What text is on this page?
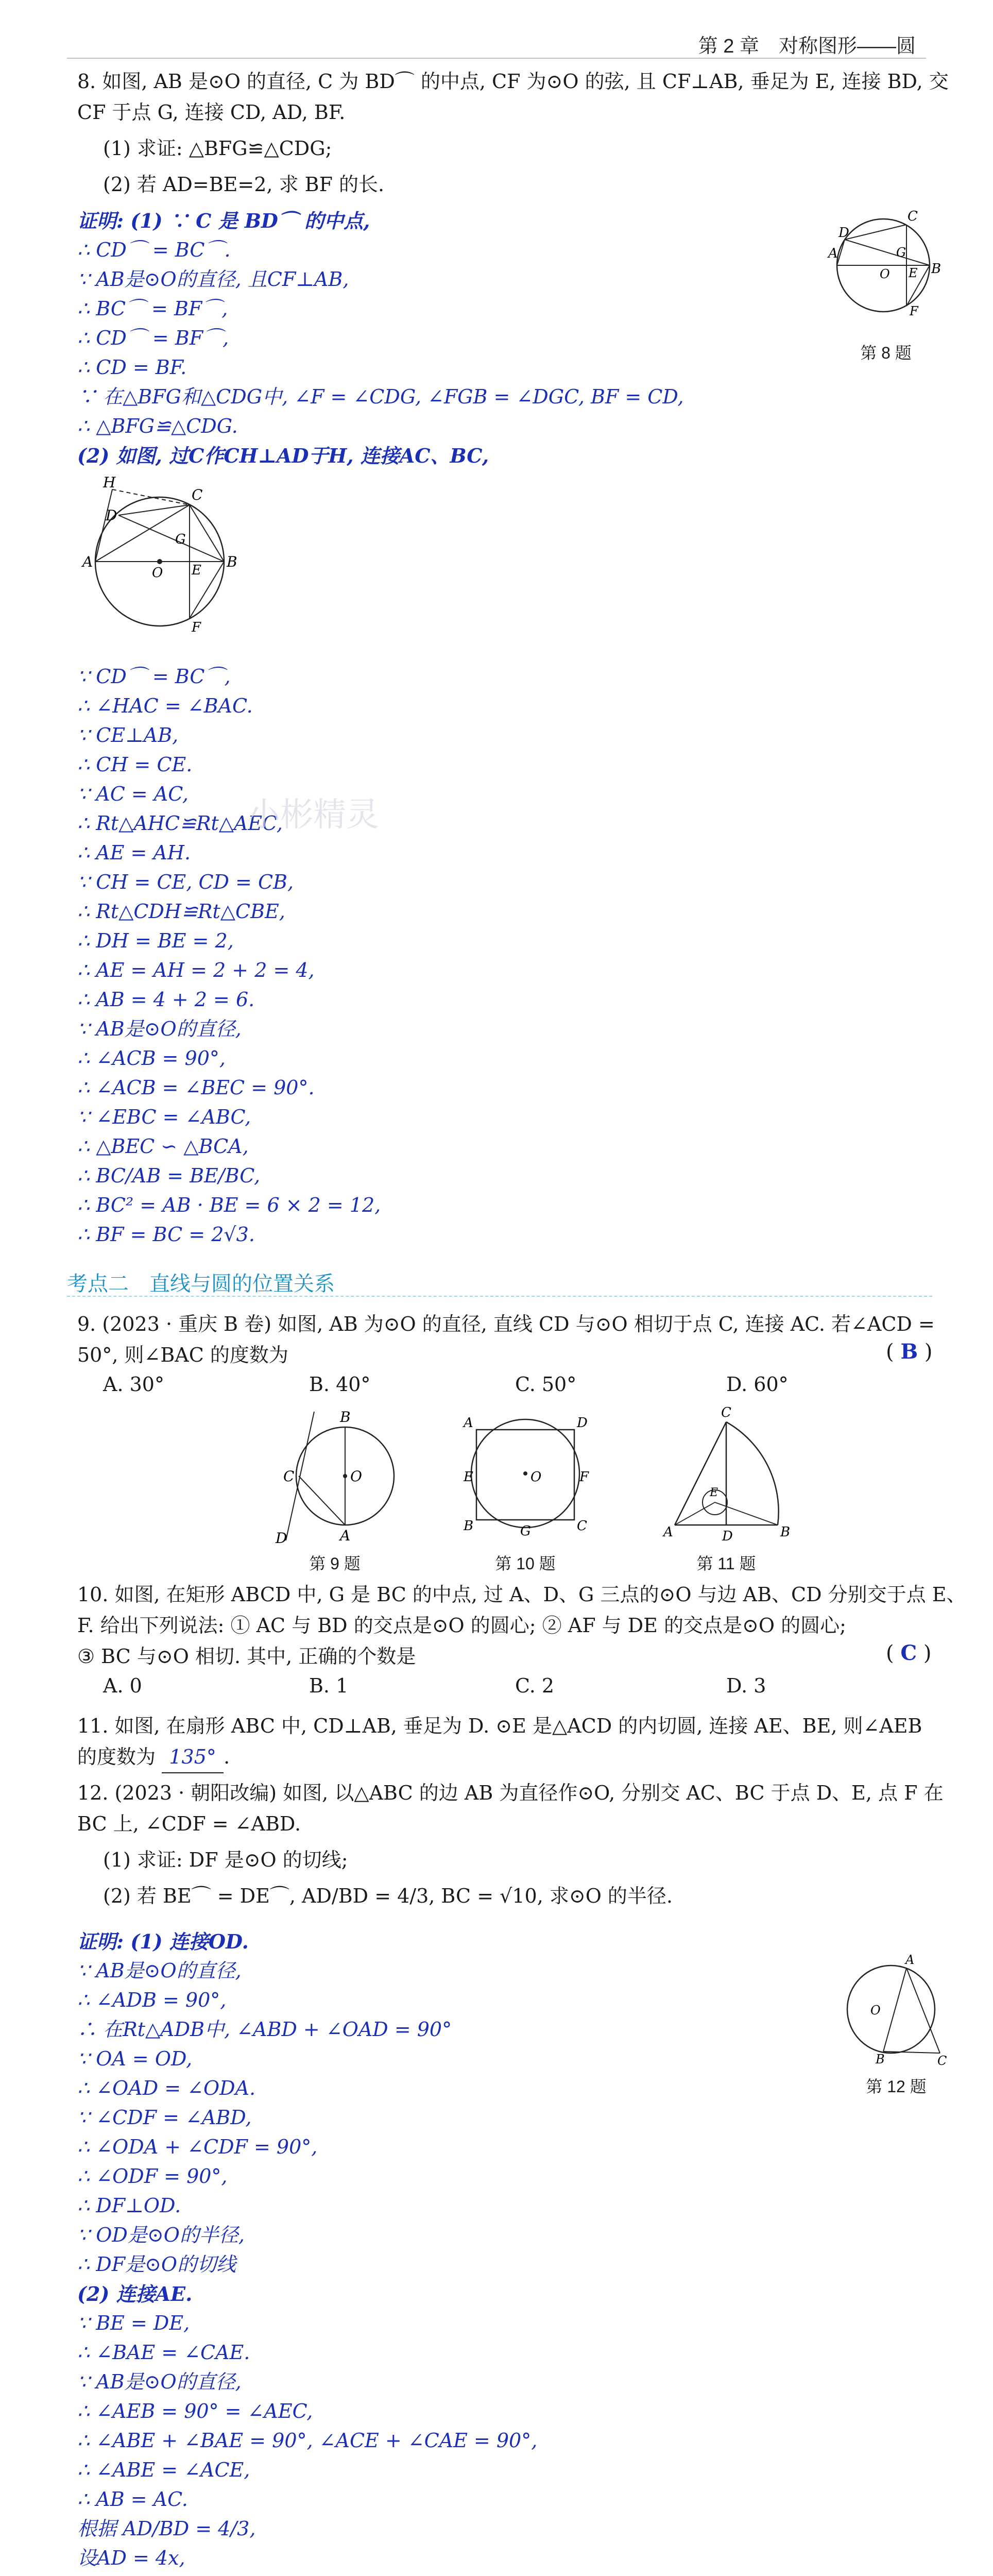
第 2 章　对称图形——圆
8. 如图, AB 是⊙O 的直径, C 为 BD⌒ 的中点, CF 为⊙O 的弦, 且 CF⊥AB, 垂足为 E, 连接 BD, 交
CF 于点 G, 连接 CD, AD, BF.
(1) 求证: △BFG≌△CDG;
(2) 若 AD=BE=2, 求 BF 的长.
A
B
C
D
E
F
G
O
第 8 题
证明: (1) ∵ C 是 BD⌒ 的中点,
∴ CD⌒ = BC⌒.
∵ AB是⊙O的直径, 且CF⊥AB,
∴ BC⌒ = BF⌒,
∴ CD⌒ = BF⌒,
∴ CD = BF.
∵ 在△BFG和△CDG中, ∠F = ∠CDG, ∠FGB = ∠DGC, BF = CD,
∴ △BFG≌△CDG.
(2) 如图, 过C作CH⊥AD于H, 连接AC、BC,
A	B
C
D
H
E
F
G
O
∵ CD⌒ = BC⌒,
∴ ∠HAC = ∠BAC.
∵ CE⊥AB,
∴ CH = CE.
∵ AC = AC,
∴ Rt△AHC≌Rt△AEC,
∴ AE = AH.
∵ CH = CE, CD = CB,
∴ Rt△CDH≌Rt△CBE,
∴ DH = BE = 2,
∴ AE = AH = 2 + 2 = 4,
∴ AB = 4 + 2 = 6.
∵ AB是⊙O的直径,
∴ ∠ACB = 90°,
∴ ∠ACB = ∠BEC = 90°.
∵ ∠EBC = ∠ABC,
∴ △BEC ∽ △BCA,
∴ BC/AB = BE/BC,
∴ BC² = AB · BE = 6 × 2 = 12,
∴ BF = BC = 2√3.
小彬精灵
考点二　直线与圆的位置关系
9. (2023 · 重庆 B 卷) 如图, AB 为⊙O 的直径, 直线 CD 与⊙O 相切于点 C, 连接 AC. 若∠ACD =
50°, 则∠BAC 的度数为	( B )
A. 30°	B. 40°	C. 50°	D. 60°
C
D	A
B
O
第 9 题
A	D
B	C
G
E	F
O
第 10 题
C
A	D	B
E
第 11 题
10. 如图, 在矩形 ABCD 中, G 是 BC 的中点, 过 A、D、G 三点的⊙O 与边 AB、CD 分别交于点 E、
F. 给出下列说法: ① AC 与 BD 的交点是⊙O 的圆心; ② AF 与 DE 的交点是⊙O 的圆心;
③ BC 与⊙O 相切. 其中, 正确的个数是	( C )
A. 0	B. 1	C. 2	D. 3
11. 如图, 在扇形 ABC 中, CD⊥AB, 垂足为 D. ⊙E 是△ACD 的内切圆, 连接 AE、BE, 则∠AEB
的度数为 135° .
12. (2023 · 朝阳改编) 如图, 以△ABC 的边 AB 为直径作⊙O, 分别交 AC、BC 于点 D、E, 点 F 在
BC 上, ∠CDF = ∠ABD.
(1) 求证: DF 是⊙O 的切线;
(2) 若 BE⌒ = DE⌒, AD/BD = 4/3, BC = √10, 求⊙O 的半径.
A
B	C
O
第 12 题
证明: (1) 连接OD.
∵ AB是⊙O的直径,
∴ ∠ADB = 90°,
∴ 在Rt△ADB中, ∠ABD + ∠OAD = 90°
∵ OA = OD,
∴ ∠OAD = ∠ODA.
∵ ∠CDF = ∠ABD,
∴ ∠ODA + ∠CDF = 90°,
∴ ∠ODF = 90°,
∴ DF⊥OD.
∵ OD是⊙O的半径,
∴ DF是⊙O的切线
(2) 连接AE.
∵ BE = DE,
∴ ∠BAE = ∠CAE.
∵ AB是⊙O的直径,
∴ ∠AEB = 90° = ∠AEC,
∴ ∠ABE + ∠BAE = 90°, ∠ACE + ∠CAE = 90°,
∴ ∠ABE = ∠ACE,
∴ AB = AC.
根据 AD/BD = 4/3,
设AD = 4x,
